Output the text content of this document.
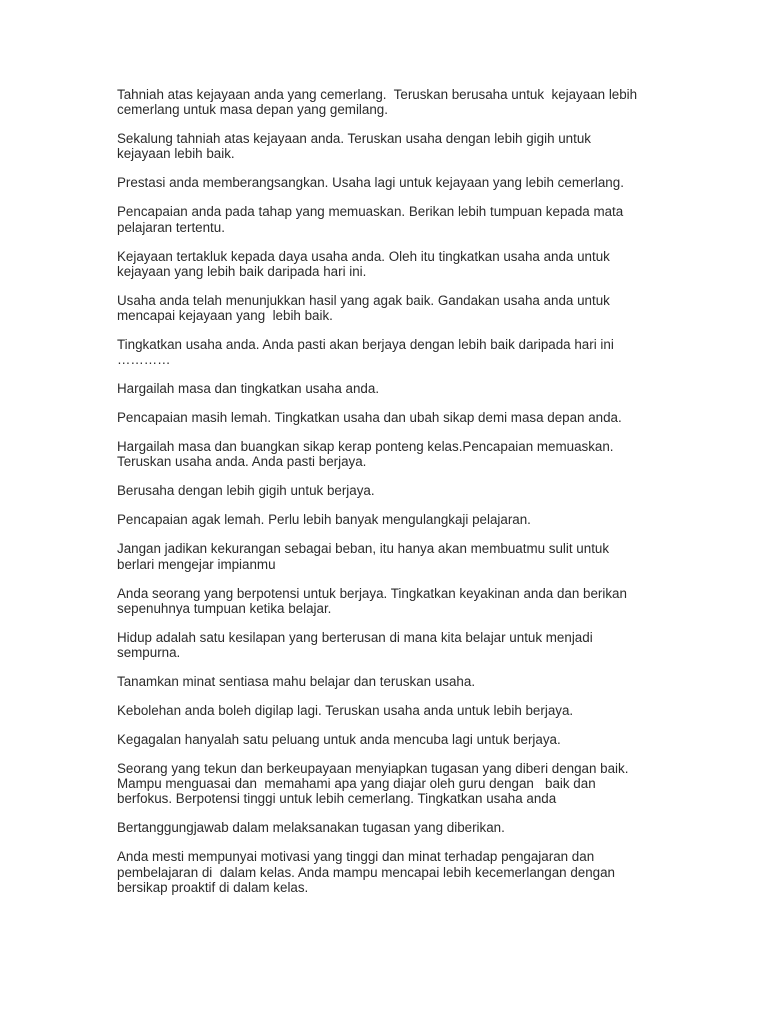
Tahniah atas kejayaan anda yang cemerlang.  Teruskan berusaha untuk  kejayaan lebih
cemerlang untuk masa depan yang gemilang.

Sekalung tahniah atas kejayaan anda. Teruskan usaha dengan lebih gigih untuk
kejayaan lebih baik.

Prestasi anda memberangsangkan. Usaha lagi untuk kejayaan yang lebih cemerlang.

Pencapaian anda pada tahap yang memuaskan. Berikan lebih tumpuan kepada mata
pelajaran tertentu.

Kejayaan tertakluk kepada daya usaha anda. Oleh itu tingkatkan usaha anda untuk
kejayaan yang lebih baik daripada hari ini.

Usaha anda telah menunjukkan hasil yang agak baik. Gandakan usaha anda untuk
mencapai kejayaan yang  lebih baik.

Tingkatkan usaha anda. Anda pasti akan berjaya dengan lebih baik daripada hari ini
…………

Hargailah masa dan tingkatkan usaha anda.

Pencapaian masih lemah. Tingkatkan usaha dan ubah sikap demi masa depan anda.

Hargailah masa dan buangkan sikap kerap ponteng kelas.Pencapaian memuaskan.
Teruskan usaha anda. Anda pasti berjaya.

Berusaha dengan lebih gigih untuk berjaya.

Pencapaian agak lemah. Perlu lebih banyak mengulangkaji pelajaran.

Jangan jadikan kekurangan sebagai beban, itu hanya akan membuatmu sulit untuk
berlari mengejar impianmu

Anda seorang yang berpotensi untuk berjaya. Tingkatkan keyakinan anda dan berikan
sepenuhnya tumpuan ketika belajar.

Hidup adalah satu kesilapan yang berterusan di mana kita belajar untuk menjadi
sempurna.

Tanamkan minat sentiasa mahu belajar dan teruskan usaha.

Kebolehan anda boleh digilap lagi. Teruskan usaha anda untuk lebih berjaya.

Kegagalan hanyalah satu peluang untuk anda mencuba lagi untuk berjaya.

Seorang yang tekun dan berkeupayaan menyiapkan tugasan yang diberi dengan baik.
Mampu menguasai dan  memahami apa yang diajar oleh guru dengan   baik dan
berfokus. Berpotensi tinggi untuk lebih cemerlang. Tingkatkan usaha anda

Bertanggungjawab dalam melaksanakan tugasan yang diberikan.

Anda mesti mempunyai motivasi yang tinggi dan minat terhadap pengajaran dan
pembelajaran di  dalam kelas. Anda mampu mencapai lebih kecemerlangan dengan
bersikap proaktif di dalam kelas.
